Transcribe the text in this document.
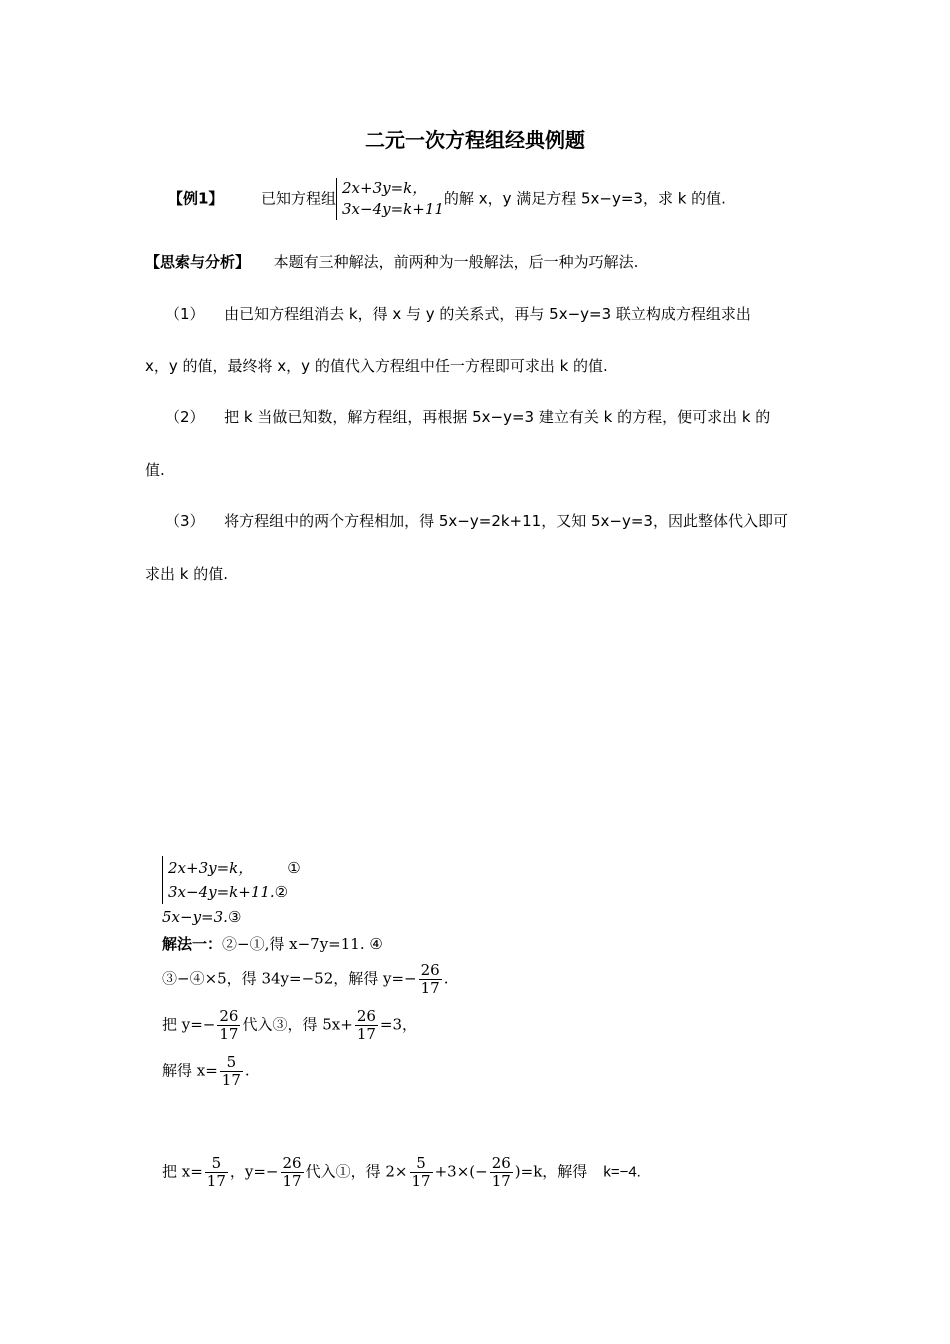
二元一次方程组经典例题
【例1】	已知方程组
2x+3y=k，
3x−4y=k+11
的解 x，y 满足方程 5x−y=3，求 k 的值.
【思索与分析】 本题有三种解法，前两种为一般解法，后一种为巧解法.
（1） 由已知方程组消去 k，得 x 与 y 的关系式，再与 5x−y=3 联立构成方程组求出
x，y 的值，最终将 x，y 的值代入方程组中任一方程即可求出 k 的值.
（2） 把 k 当做已知数，解方程组，再根据 5x−y=3 建立有关 k 的方程，便可求出 k 的
值.
（3） 将方程组中的两个方程相加，得 5x−y=2k+11，又知 5x−y=3，因此整体代入即可
求出 k 的值.
2x+3y=k， ①
3x−4y=k+11.②
5x−y=3.③
解法一：②−①,得 x−7y=11. ④
③−④×5，得 34y=−52，解得 $y=- \frac{26}{17}$ .
把 $y=- \frac{26}{17}$ 代入③，得 $5x+ \frac{26}{17} =3$，
解得 $x= \frac{5}{17}$ .
把 $x= \frac{5}{17}$ ，$y=- \frac{26}{17}$ 代入①，得 $2\times \frac{5}{17} +3\times(- \frac{26}{17} )=k$，解得 k=−4.
